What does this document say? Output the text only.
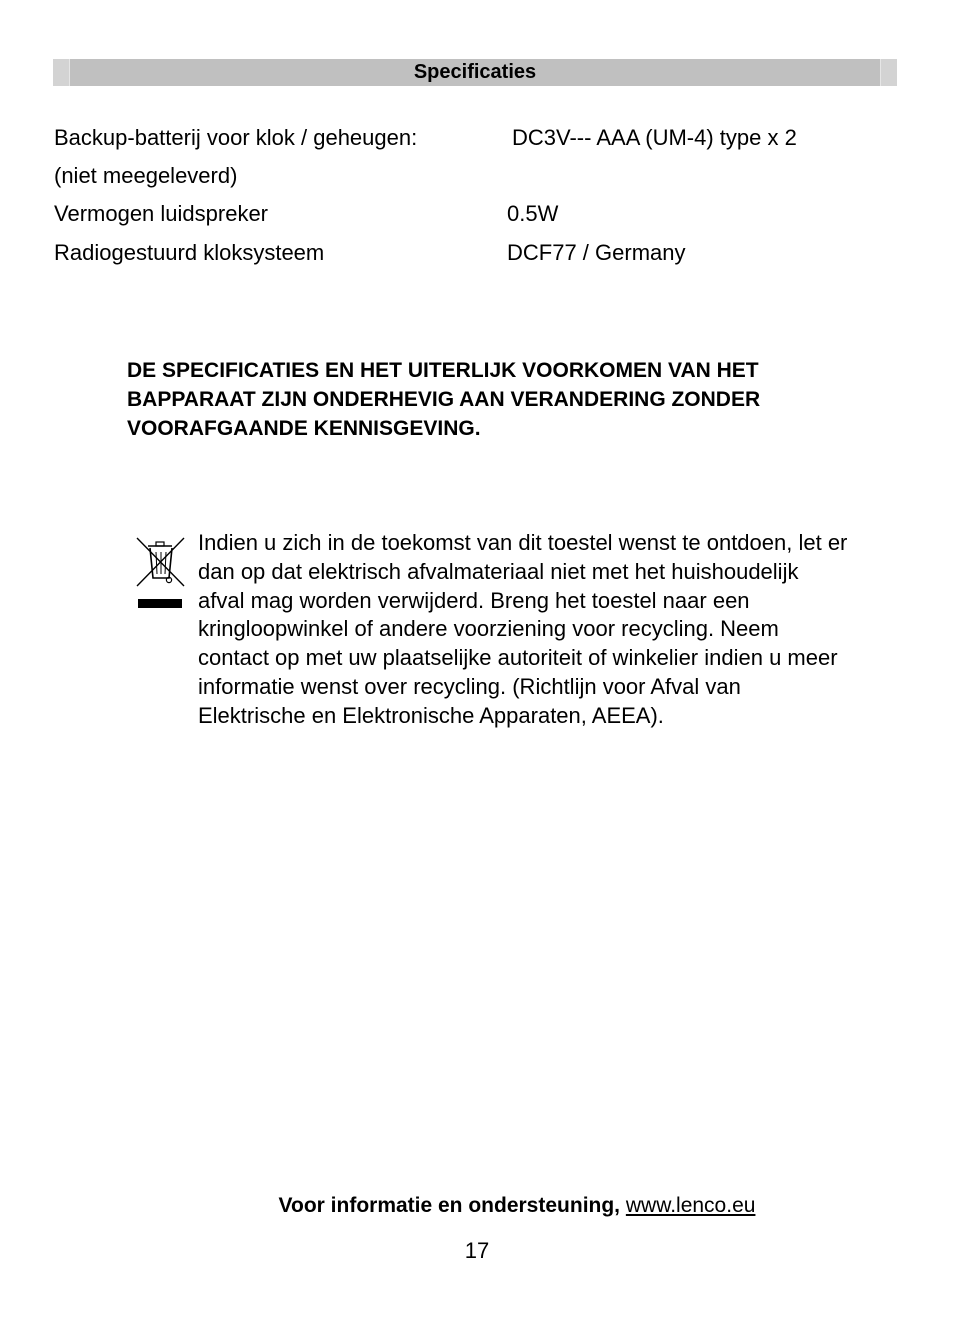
Specificaties
Backup-batterij voor klok / geheugen:	DC3V--- AAA (UM-4) type x 2
(niet meegeleverd)
Vermogen luidspreker	0.5W
Radiogestuurd kloksysteem	DCF77 / Germany
DE SPECIFICATIES EN HET UITERLIJK VOORKOMEN VAN HET
BAPPARAAT ZIJN ONDERHEVIG AAN VERANDERING ZONDER
VOORAFGAANDE KENNISGEVING.
Indien u zich in de toekomst van dit toestel wenst te ontdoen, let er
dan op dat elektrisch afvalmateriaal niet met het huishoudelijk
afval mag worden verwijderd. Breng het toestel naar een
kringloopwinkel of andere voorziening voor recycling. Neem
contact op met uw plaatselijke autoriteit of winkelier indien u meer
informatie wenst over recycling. (Richtlijn voor Afval van
Elektrische en Elektronische Apparaten, AEEA).
Voor informatie en ondersteuning, www.lenco.eu
17
